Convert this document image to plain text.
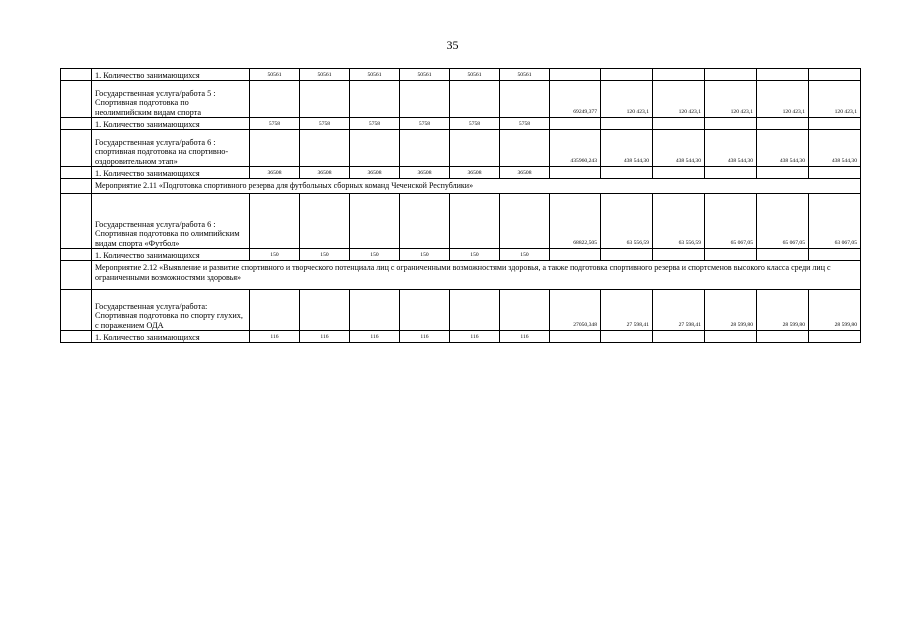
35
	1. Количество занимающихся	50561	50561	50561	50561	50561	50561						
	Государственная услуга/работа 5 : Спортивная подготовка по неолимпийским видам спорта							69249,377	120 423,1	120 423,1	120 423,1	120 423,1	120 423,1
	1. Количество занимающихся	5758	5758	5758	5758	5758	5758						
	Государственная услуга/работа 6 : спортивная подготовка на спортивно-оздоровительном этап»							435960,243	438 544,30	438 544,30	438 544,30	438 544,30	438 544,30
	1. Количество занимающихся	36508	36508	36508	36508	36508	36508						
	Мероприятие 2.11 «Подготовка спортивного резерва для футбольных сборных команд Чеченской Республики»												
	Государственная услуга/работа 6 : Спортивная подготовка по олимпийским видам спорта «Футбол»							68822,505	63 556,59	63 556,59	65 067,05	65 067,05	63 067,05
	1. Количество занимающихся	150	150	150	150	150	150						
	Мероприятие 2.12 «Выявление и развитие спортивного и творческого потенциала лиц с ограниченными возможностями здоровья, а также подготовка спортивного резерва и спортсменов высокого класса среди лиц с ограниченными возможностями здоровья»												
	Государственная услуга/работа: Спортивная подготовка по спорту глухих, с поражением ОДА							27050,348	27 598,41	27 598,41	28 599,80	28 599,80	28 599,80
	1. Количество занимающихся	116	116	116	116	116	116						
